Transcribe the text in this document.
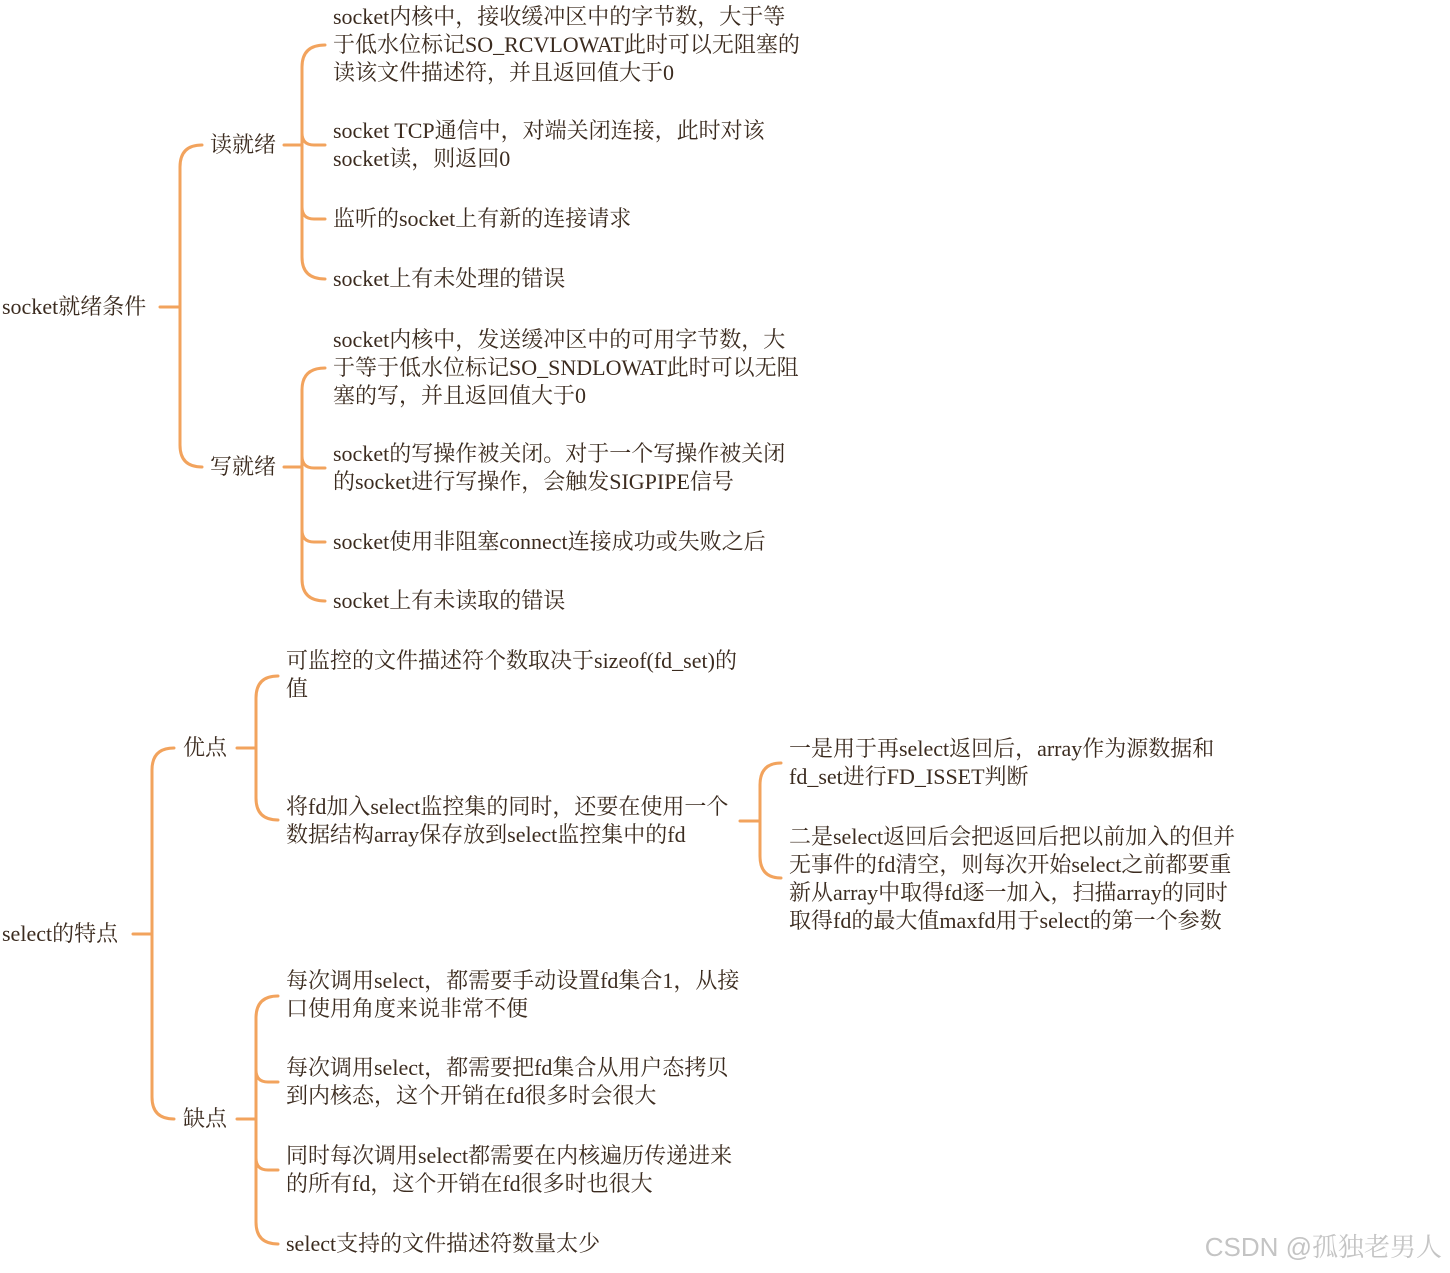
socket就绪条件
读就绪
socket内核中，接收缓冲区中的字节数，大于等
于低水位标记SO_RCVLOWAT此时可以无阻塞的
读该文件描述符，并且返回值大于0
socket TCP通信中，对端关闭连接，此时对该
socket读，则返回0
监听的socket上有新的连接请求
socket上有未处理的错误
写就绪
socket内核中，发送缓冲区中的可用字节数，大
于等于低水位标记SO_SNDLOWAT此时可以无阻
塞的写，并且返回值大于0
socket的写操作被关闭。对于一个写操作被关闭
的socket进行写操作，会触发SIGPIPE信号
socket使用非阻塞connect连接成功或失败之后
socket上有未读取的错误
select的特点
优点
可监控的文件描述符个数取决于sizeof(fd_set)的
值
将fd加入select监控集的同时，还要在使用一个
数据结构array保存放到select监控集中的fd
一是用于再select返回后，array作为源数据和
fd_set进行FD_ISSET判断
二是select返回后会把返回后把以前加入的但并
无事件的fd清空，则每次开始select之前都要重
新从array中取得fd逐一加入，扫描array的同时
取得fd的最大值maxfd用于select的第一个参数
缺点
每次调用select，都需要手动设置fd集合1，从接
口使用角度来说非常不便
每次调用select，都需要把fd集合从用户态拷贝
到内核态，这个开销在fd很多时会很大
同时每次调用select都需要在内核遍历传递进来
的所有fd，这个开销在fd很多时也很大
select支持的文件描述符数量太少	CSDN @孤独老男人
